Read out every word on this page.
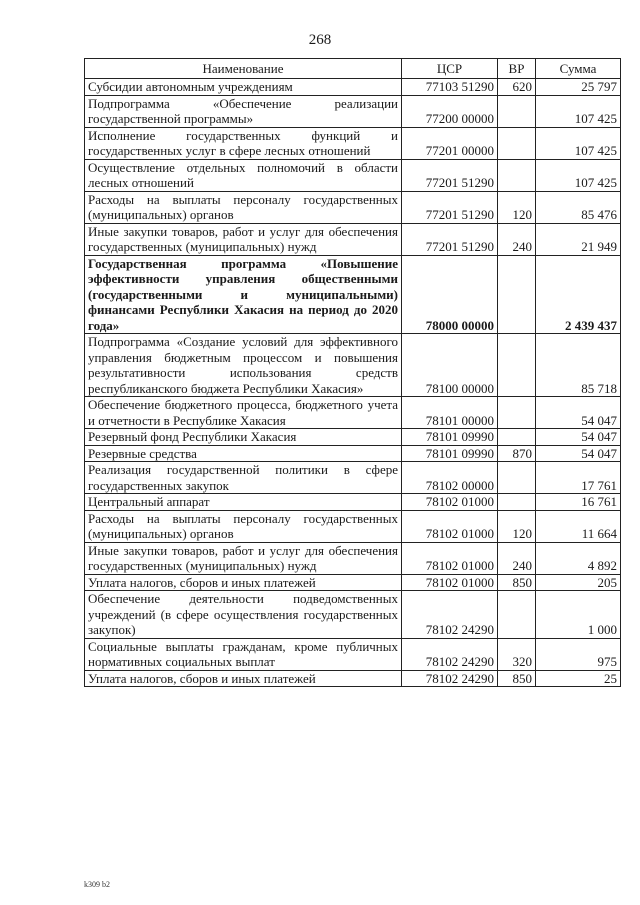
268
Наименование	ЦСР	ВР	Сумма
Субсидии автономным учреждениям	77103 51290	620	25 797
Подпрограмма «Обеспечение реализации государственной программы»	77200 00000		107 425
Исполнение государственных функций и государственных услуг в сфере лесных отношений	77201 00000		107 425
Осуществление отдельных полномочий в области лесных отношений	77201 51290		107 425
Расходы на выплаты персоналу государственных (муниципальных) органов	77201 51290	120	85 476
Иные закупки товаров, работ и услуг для обеспечения государственных (муниципальных) нужд	77201 51290	240	21 949
Государственная программа «Повышение эффективности управления общественными (государственными и муниципальными) финансами Республики Хакасия на период до 2020 года»	78000 00000		2 439 437
Подпрограмма «Создание условий для эффективного управления бюджетным процессом и повышения результативности использования средств республиканского бюджета Республики Хакасия»	78100 00000		85 718
Обеспечение бюджетного процесса, бюджетного учета и отчетности в Республике Хакасия	78101 00000		54 047
Резервный фонд Республики Хакасия	78101 09990		54 047
Резервные средства	78101 09990	870	54 047
Реализация государственной политики в сфере государственных закупок	78102 00000		17 761
Центральный аппарат	78102 01000		16 761
Расходы на выплаты персоналу государственных (муниципальных) органов	78102 01000	120	11 664
Иные закупки товаров, работ и услуг для обеспечения государственных (муниципальных) нужд	78102 01000	240	4 892
Уплата налогов, сборов и иных платежей	78102 01000	850	205
Обеспечение деятельности подведомственных учреждений (в сфере осуществления государственных закупок)	78102 24290		1 000
Социальные выплаты гражданам, кроме публичных нормативных социальных выплат	78102 24290	320	975
Уплата налогов, сборов и иных платежей	78102 24290	850	25
k309 b2
